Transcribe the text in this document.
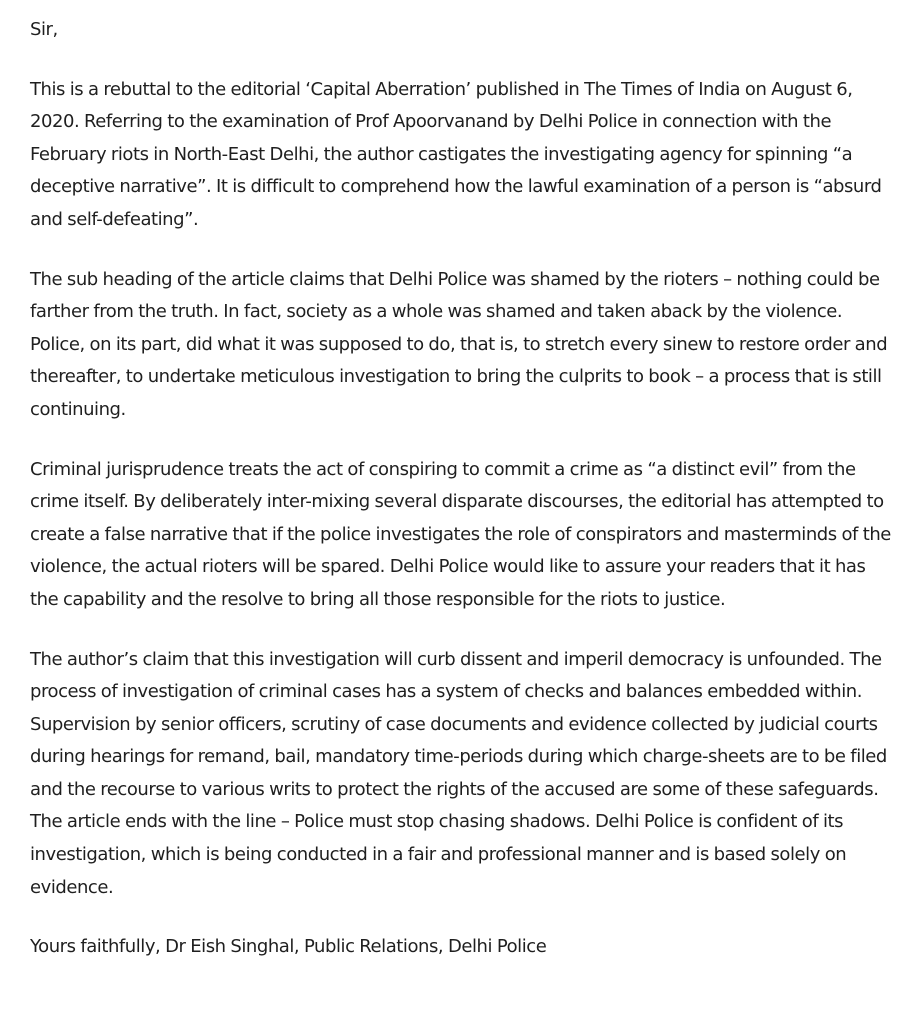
Sir,

This is a rebuttal to the editorial ‘Capital Aberration’ published in The Times of India on August 6, 2020. Referring to the examination of Prof Apoorvanand by Delhi Police in connection with the February riots in North-East Delhi, the author castigates the investigating agency for spinning “a deceptive narrative”. It is difficult to comprehend how the lawful examination of a person is “absurd and self-defeating”.

The sub heading of the article claims that Delhi Police was shamed by the rioters – nothing could be farther from the truth. In fact, society as a whole was shamed and taken aback by the violence. Police, on its part, did what it was supposed to do, that is, to stretch every sinew to restore order and thereafter, to undertake meticulous investigation to bring the culprits to book – a process that is still continuing.

Criminal jurisprudence treats the act of conspiring to commit a crime as “a distinct evil” from the crime itself. By deliberately inter-mixing several disparate discourses, the editorial has attempted to create a false narrative that if the police investigates the role of conspirators and masterminds of the violence, the actual rioters will be spared. Delhi Police would like to assure your readers that it has the capability and the resolve to bring all those responsible for the riots to justice.

The author’s claim that this investigation will curb dissent and imperil democracy is unfounded. The process of investigation of criminal cases has a system of checks and balances embedded within. Supervision by senior officers, scrutiny of case documents and evidence collected by judicial courts during hearings for remand, bail, mandatory time-periods during which charge-sheets are to be filed and the recourse to various writs to protect the rights of the accused are some of these safeguards. The article ends with the line – Police must stop chasing shadows. Delhi Police is confident of its investigation, which is being conducted in a fair and professional manner and is based solely on evidence.

Yours faithfully, Dr Eish Singhal, Public Relations, Delhi Police
